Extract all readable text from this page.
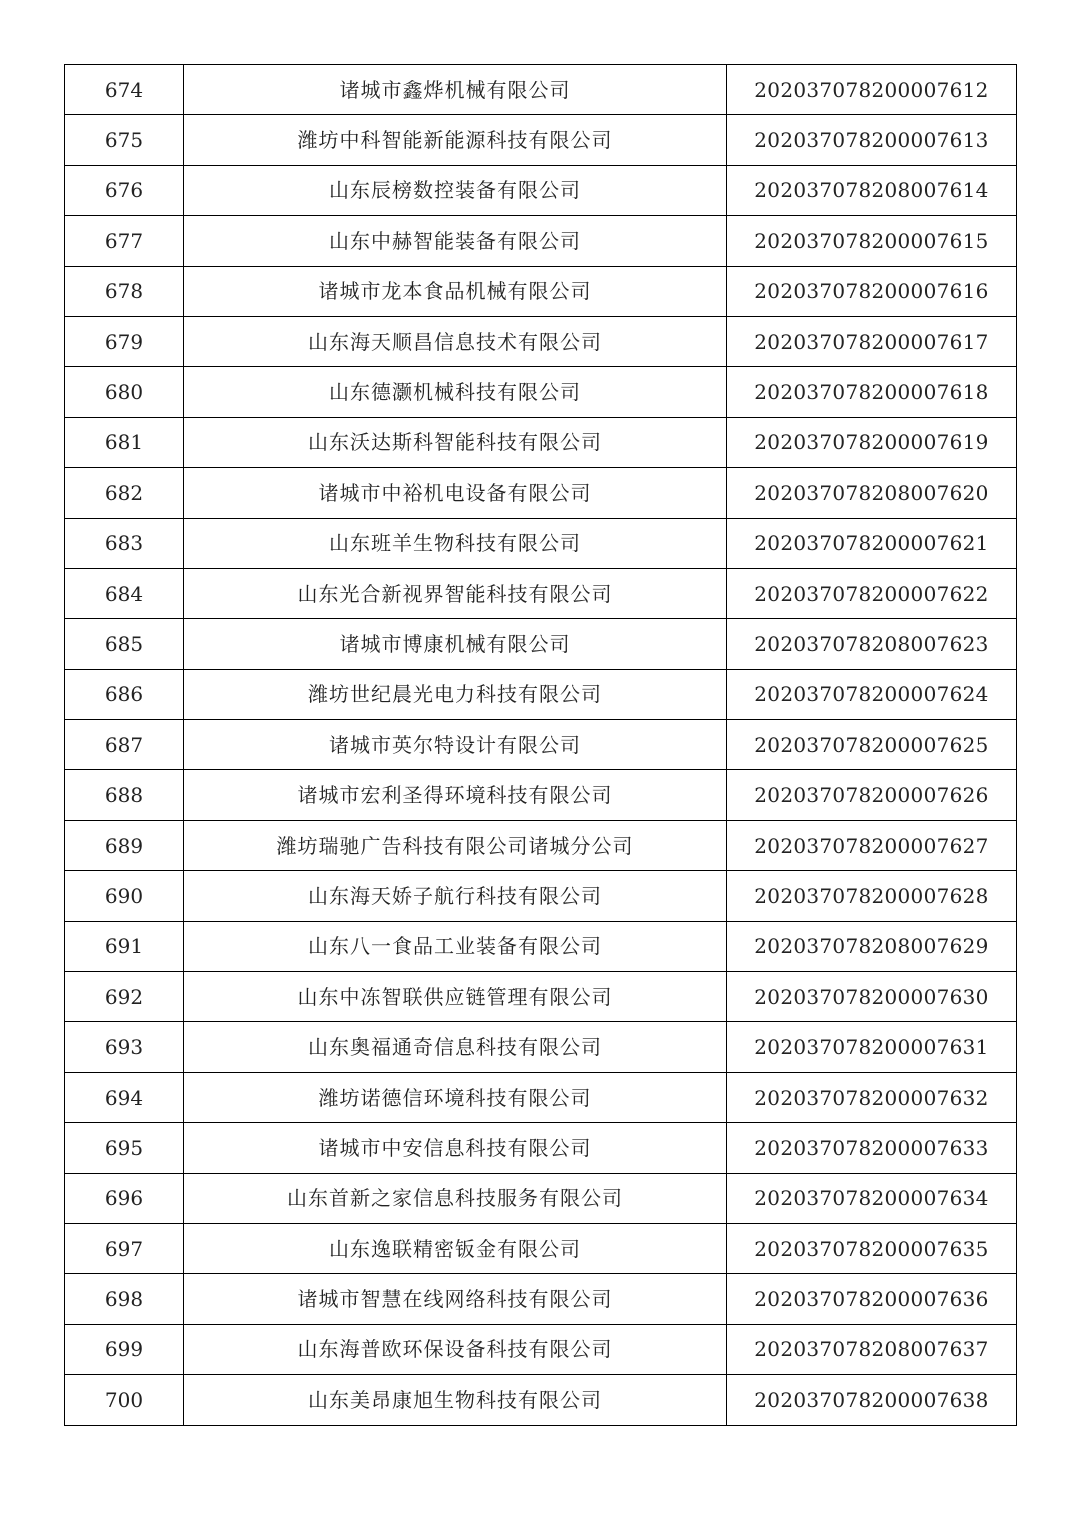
674	诸城市鑫烨机械有限公司	202037078200007612
675	潍坊中科智能新能源科技有限公司	202037078200007613
676	山东辰榜数控装备有限公司	202037078208007614
677	山东中赫智能装备有限公司	202037078200007615
678	诸城市龙本食品机械有限公司	202037078200007616
679	山东海天顺昌信息技术有限公司	202037078200007617
680	山东德灏机械科技有限公司	202037078200007618
681	山东沃达斯科智能科技有限公司	202037078200007619
682	诸城市中裕机电设备有限公司	202037078208007620
683	山东班羊生物科技有限公司	202037078200007621
684	山东光合新视界智能科技有限公司	202037078200007622
685	诸城市博康机械有限公司	202037078208007623
686	潍坊世纪晨光电力科技有限公司	202037078200007624
687	诸城市英尔特设计有限公司	202037078200007625
688	诸城市宏利圣得环境科技有限公司	202037078200007626
689	潍坊瑞驰广告科技有限公司诸城分公司	202037078200007627
690	山东海天娇子航行科技有限公司	202037078200007628
691	山东八一食品工业装备有限公司	202037078208007629
692	山东中冻智联供应链管理有限公司	202037078200007630
693	山东奥福通奇信息科技有限公司	202037078200007631
694	潍坊诺德信环境科技有限公司	202037078200007632
695	诸城市中安信息科技有限公司	202037078200007633
696	山东首新之家信息科技服务有限公司	202037078200007634
697	山东逸联精密钣金有限公司	202037078200007635
698	诸城市智慧在线网络科技有限公司	202037078200007636
699	山东海普欧环保设备科技有限公司	202037078208007637
700	山东美昂康旭生物科技有限公司	202037078200007638
